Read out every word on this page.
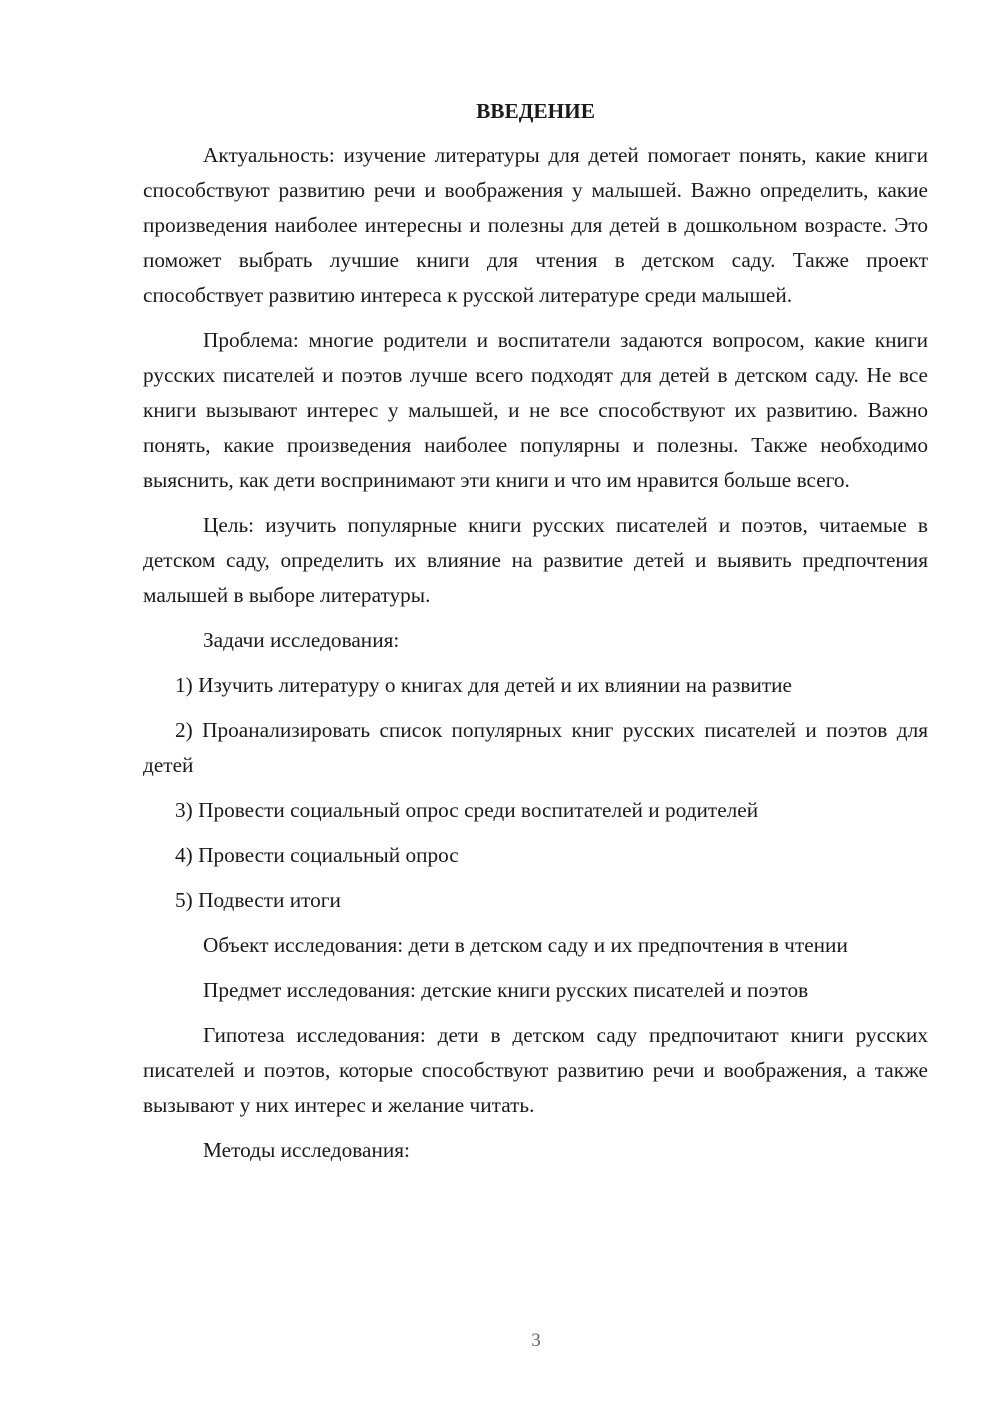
ВВЕДЕНИЕ

Актуальность: изучение литературы для детей помогает понять, какие книги способствуют развитию речи и воображения у малышей. Важно определить, какие произведения наиболее интересны и полезны для детей в дошкольном возрасте. Это поможет выбрать лучшие книги для чтения в детском саду. Также проект способствует развитию интереса к русской литературе среди малышей.

Проблема: многие родители и воспитатели задаются вопросом, какие книги русских писателей и поэтов лучше всего подходят для детей в детском саду. Не все книги вызывают интерес у малышей, и не все способствуют их развитию. Важно понять, какие произведения наиболее популярны и полезны. Также необходимо выяснить, как дети воспринимают эти книги и что им нравится больше всего.

Цель: изучить популярные книги русских писателей и поэтов, читаемые в детском саду, определить их влияние на развитие детей и выявить предпочтения малышей в выборе литературы.

Задачи исследования:

1) Изучить литературу о книгах для детей и их влиянии на развитие

2) Проанализировать список популярных книг русских писателей и поэтов для детей

3) Провести социальный опрос среди воспитателей и родителей

4) Провести социальный опрос

5) Подвести итоги

Объект исследования: дети в детском саду и их предпочтения в чтении

Предмет исследования: детские книги русских писателей и поэтов

Гипотеза исследования: дети в детском саду предпочитают книги русских писателей и поэтов, которые способствуют развитию речи и воображения, а также вызывают у них интерес и желание читать.

Методы исследования:

3
